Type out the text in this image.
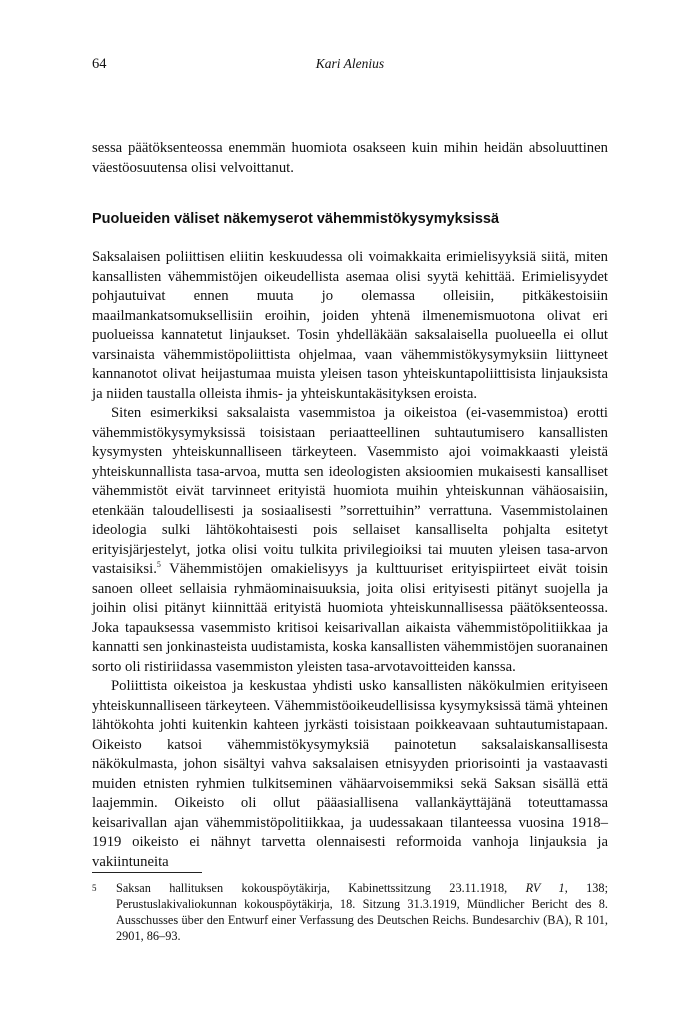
64	Kari Alenius

sessa päätöksenteossa enemmän huomiota osakseen kuin mihin heidän absoluuttinen väestöosuutensa olisi velvoittanut.

Puolueiden väliset näkemyserot vähemmistökysymyksissä

Saksalaisen poliittisen eliitin keskuudessa oli voimakkaita erimielisyyksiä siitä, miten kansallisten vähemmistöjen oikeudellista asemaa olisi syytä kehittää. Erimielisyydet pohjautuivat ennen muuta jo olemassa olleisiin, pitkäkestoisiin maailmankatsomuksellisiin eroihin, joiden yhtenä ilmenemismuotona olivat eri puolueissa kannatetut linjaukset. Tosin yhdelläkään saksalaisella puolueella ei ollut varsinaista vähemmistöpoliittista ohjelmaa, vaan vähemmistökysymyksiin liittyneet kannanotot olivat heijastumaa muista yleisen tason yhteiskuntapoliittisista linjauksista ja niiden taustalla olleista ihmis- ja yhteiskuntakäsityksen eroista.

Siten esimerkiksi saksalaista vasemmistoa ja oikeistoa (ei-vasemmistoa) erotti vähemmistökysymyksissä toisistaan periaatteellinen suhtautumisero kansallisten kysymysten yhteiskunnalliseen tärkeyteen. Vasemmisto ajoi voimakkaasti yleistä yhteiskunnallista tasa-arvoa, mutta sen ideologisten aksioomien mukaisesti kansalliset vähemmistöt eivät tarvinneet erityistä huomiota muihin yhteiskunnan vähäosaisiin, etenkään taloudellisesti ja sosiaalisesti ”sorrettuihin” verrattuna. Vasemmistolainen ideologia sulki lähtökohtaisesti pois sellaiset kansalliselta pohjalta esitetyt erityisjärjestelyt, jotka olisi voitu tulkita privilegioiksi tai muuten yleisen tasa-arvon vastaisiksi.$^5$ Vähemmistöjen omakielisyys ja kulttuuriset erityispiirteet eivät toisin sanoen olleet sellaisia ryhmäominaisuuksia, joita olisi erityisesti pitänyt suojella ja joihin olisi pitänyt kiinnittää erityistä huomiota yhteiskunnallisessa päätöksenteossa. Joka tapauksessa vasemmisto kritisoi keisarivallan aikaista vähemmistöpolitiikkaa ja kannatti sen jonkinasteista uudistamista, koska kansallisten vähemmistöjen suoranainen sorto oli ristiriidassa vasemmiston yleisten tasa-arvotavoitteiden kanssa.

Poliittista oikeistoa ja keskustaa yhdisti usko kansallisten näkökulmien erityiseen yhteiskunnalliseen tärkeyteen. Vähemmistöoikeudellisissa kysymyksissä tämä yhteinen lähtökohta johti kuitenkin kahteen jyrkästi toisistaan poikkeavaan suhtautumistapaan. Oikeisto katsoi vähemmistökysymyksiä painotetun saksalaiskansallisesta näkökulmasta, johon sisältyi vahva saksalaisen etnisyyden priorisointi ja vastaavasti muiden etnisten ryhmien tulkitseminen vähäarvoisemmiksi sekä Saksan sisällä että laajemmin. Oikeisto oli ollut pääasiallisena vallankäyttäjänä toteuttamassa keisarivallan ajan vähemmistöpolitiikkaa, ja uudessakaan tilanteessa vuosina 1918–1919 oikeisto ei nähnyt tarvetta olennaisesti reformoida vanhoja linjauksia ja vakiintuneita

5 Saksan hallituksen kokouspöytäkirja, Kabinettssitzung 23.11.1918, RV 1, 138; Perustuslakivaliokunnan kokouspöytäkirja, 18. Sitzung 31.3.1919, Mündlicher Bericht des 8. Ausschusses über den Entwurf einer Verfassung des Deutschen Reichs. Bundesarchiv (BA), R 101, 2901, 86–93.
